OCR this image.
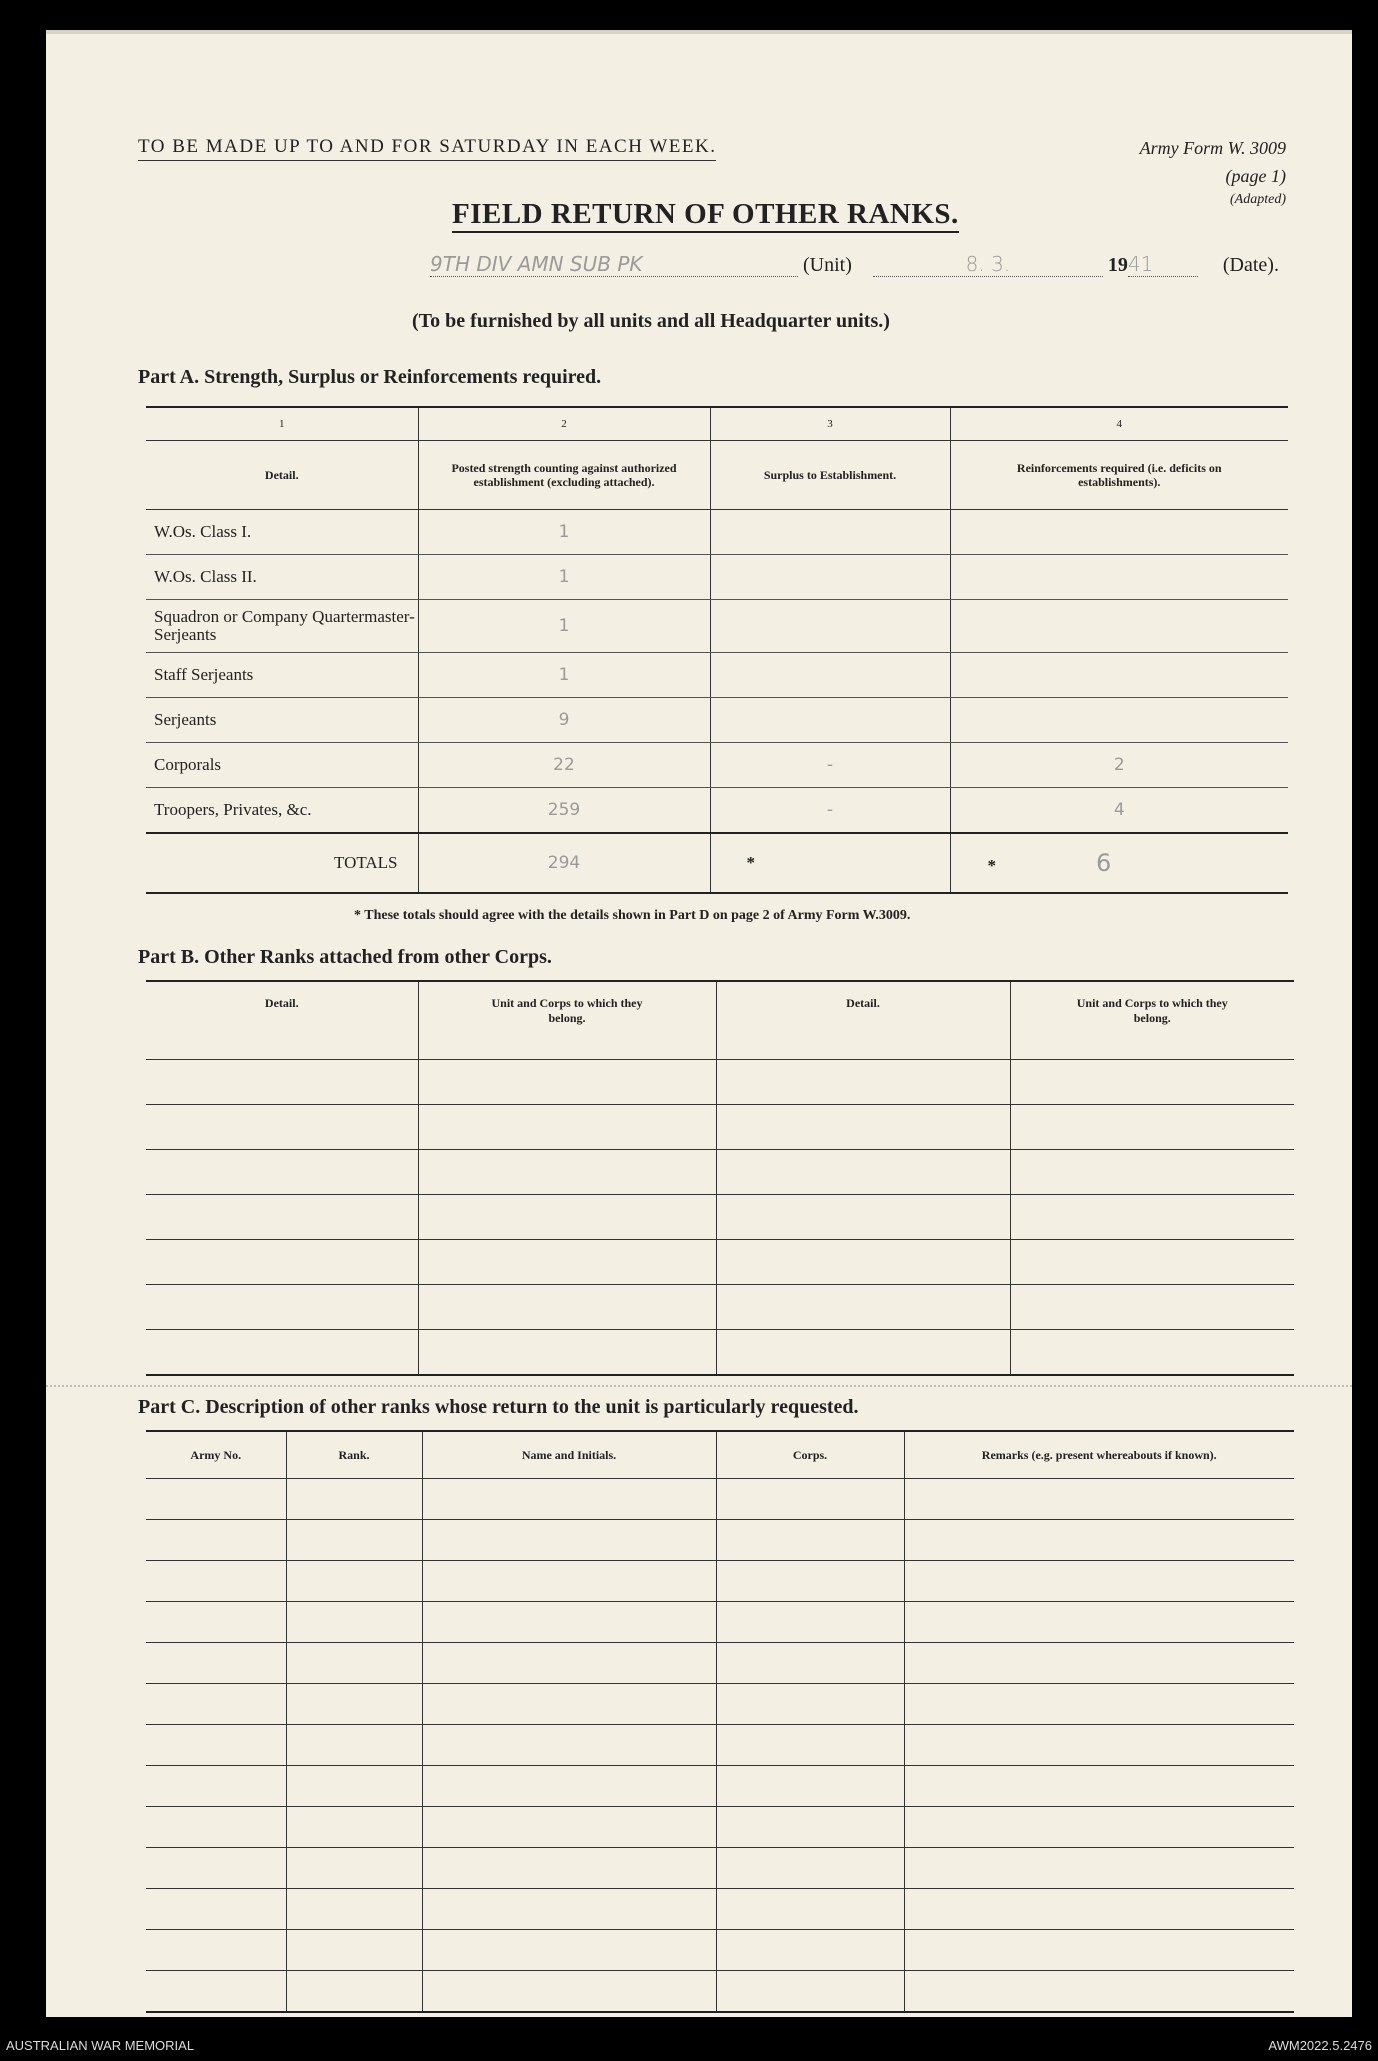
TO BE MADE UP TO AND FOR SATURDAY IN EACH WEEK.	Army Form W. 3009
(page 1)
(Adapted)
FIELD RETURN OF OTHER RANKS.
9TH DIV AMN SUB PK	(Unit)	8. 3.	1941	(Date).
(To be furnished by all units and all Headquarter units.)
Part A. Strength, Surplus or Reinforcements required.
1	2	3	4
Detail.	Posted strength counting against authorized establishment (excluding attached).	Surplus to Establishment.	Reinforcements required (i.e. deficits on establishments).
W.Os. Class I.	1		
W.Os. Class II.	1		
Squadron or Company Quartermaster-Serjeants	1		
Staff Serjeants	1		
Serjeants	9		
Corporals	22	-	2
Troopers, Privates, &c.	259	-	4
TOTALS	294	*	* 6
* These totals should agree with the details shown in Part D on page 2 of Army Form W.3009.
Part B. Other Ranks attached from other Corps.
Detail.	Unit and Corps to which they belong.	Detail.	Unit and Corps to which they belong.

Part C. Description of other ranks whose return to the unit is particularly requested.
Army No.	Rank.	Name and Initials.	Corps.	Remarks (e.g. present whereabouts if known).

AUSTRALIAN WAR MEMORIAL	AWM2022.5.2476
